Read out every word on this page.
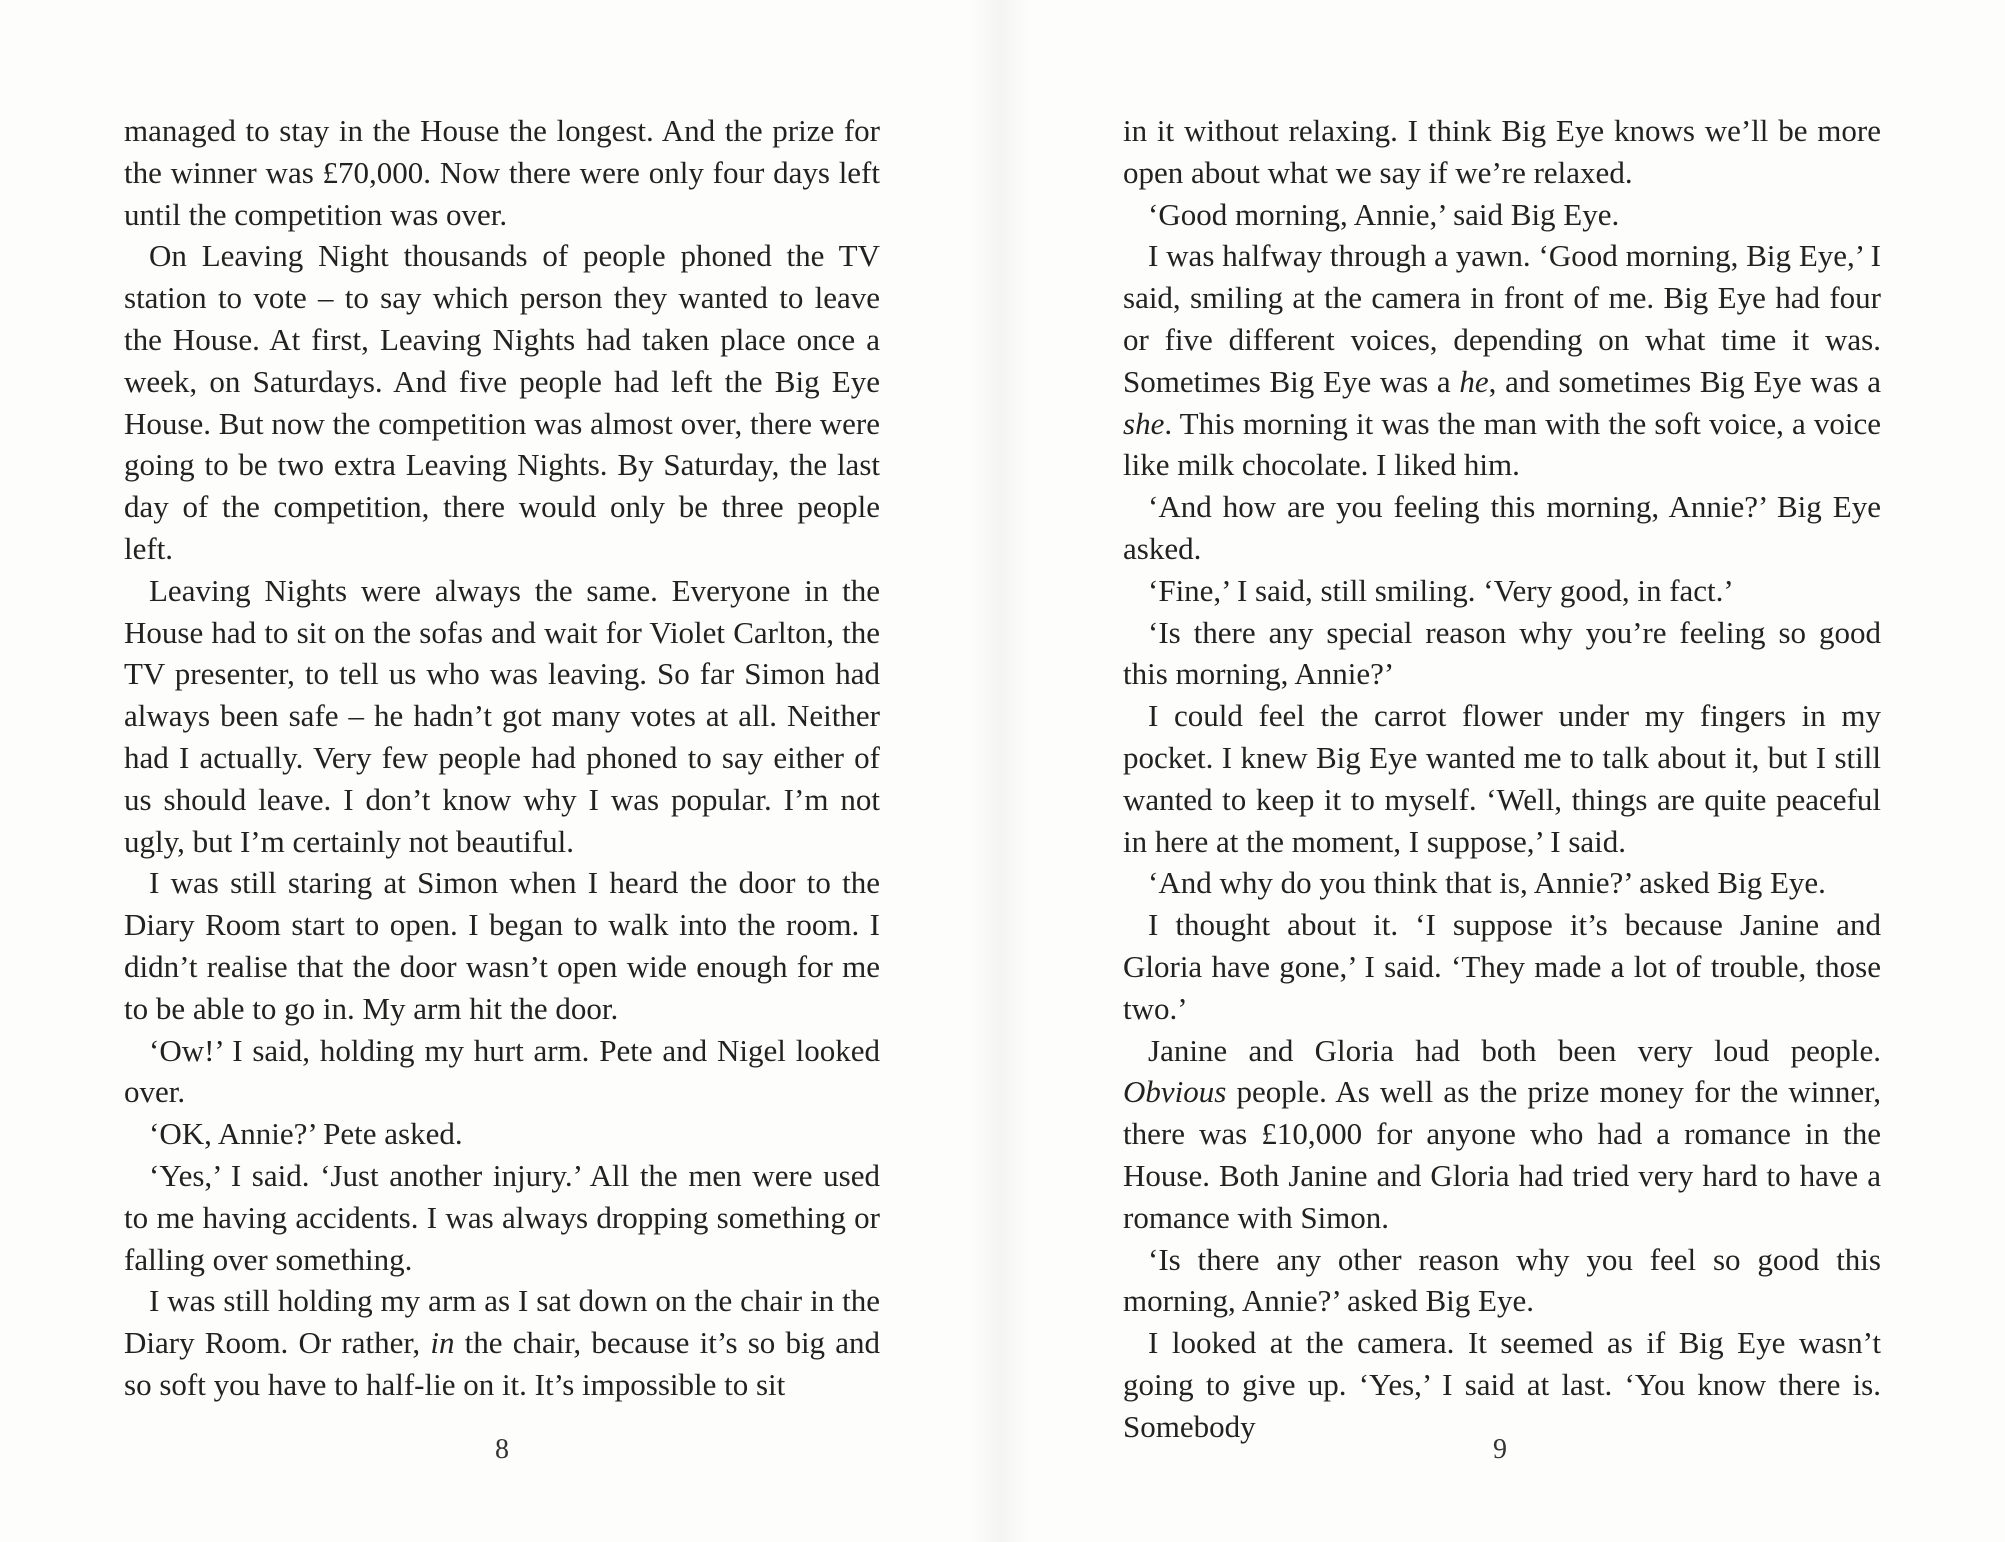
managed to stay in the House the longest. And the prize for the winner was £70,000. Now there were only four days left until the competition was over.

On Leaving Night thousands of people phoned the TV station to vote – to say which person they wanted to leave the House. At first, Leaving Nights had taken place once a week, on Saturdays. And five people had left the Big Eye House. But now the competition was almost over, there were going to be two extra Leaving Nights. By Saturday, the last day of the competition, there would only be three people left.

Leaving Nights were always the same. Everyone in the House had to sit on the sofas and wait for Violet Carlton, the TV presenter, to tell us who was leaving. So far Simon had always been safe – he hadn’t got many votes at all. Neither had I actually. Very few people had phoned to say either of us should leave. I don’t know why I was popular. I’m not ugly, but I’m certainly not beautiful.

I was still staring at Simon when I heard the door to the Diary Room start to open. I began to walk into the room. I didn’t realise that the door wasn’t open wide enough for me to be able to go in. My arm hit the door.

‘Ow!’ I said, holding my hurt arm. Pete and Nigel looked over.

‘OK, Annie?’ Pete asked.

‘Yes,’ I said. ‘Just another injury.’ All the men were used to me having accidents. I was always dropping something or falling over something.

I was still holding my arm as I sat down on the chair in the Diary Room. Or rather, in the chair, because it’s so big and so soft you have to half-lie on it. It’s impossible to sit

8

in it without relaxing. I think Big Eye knows we’ll be more open about what we say if we’re relaxed.

‘Good morning, Annie,’ said Big Eye.

I was halfway through a yawn. ‘Good morning, Big Eye,’ I said, smiling at the camera in front of me. Big Eye had four or five different voices, depending on what time it was. Sometimes Big Eye was a he, and sometimes Big Eye was a she. This morning it was the man with the soft voice, a voice like milk chocolate. I liked him.

‘And how are you feeling this morning, Annie?’ Big Eye asked.

‘Fine,’ I said, still smiling. ‘Very good, in fact.’

‘Is there any special reason why you’re feeling so good this morning, Annie?’

I could feel the carrot flower under my fingers in my pocket. I knew Big Eye wanted me to talk about it, but I still wanted to keep it to myself. ‘Well, things are quite peaceful in here at the moment, I suppose,’ I said.

‘And why do you think that is, Annie?’ asked Big Eye.

I thought about it. ‘I suppose it’s because Janine and Gloria have gone,’ I said. ‘They made a lot of trouble, those two.’

Janine and Gloria had both been very loud people. Obvious people. As well as the prize money for the winner, there was £10,000 for anyone who had a romance in the House. Both Janine and Gloria had tried very hard to have a romance with Simon.

‘Is there any other reason why you feel so good this morning, Annie?’ asked Big Eye.

I looked at the camera. It seemed as if Big Eye wasn’t going to give up. ‘Yes,’ I said at last. ‘You know there is. Somebody

9
